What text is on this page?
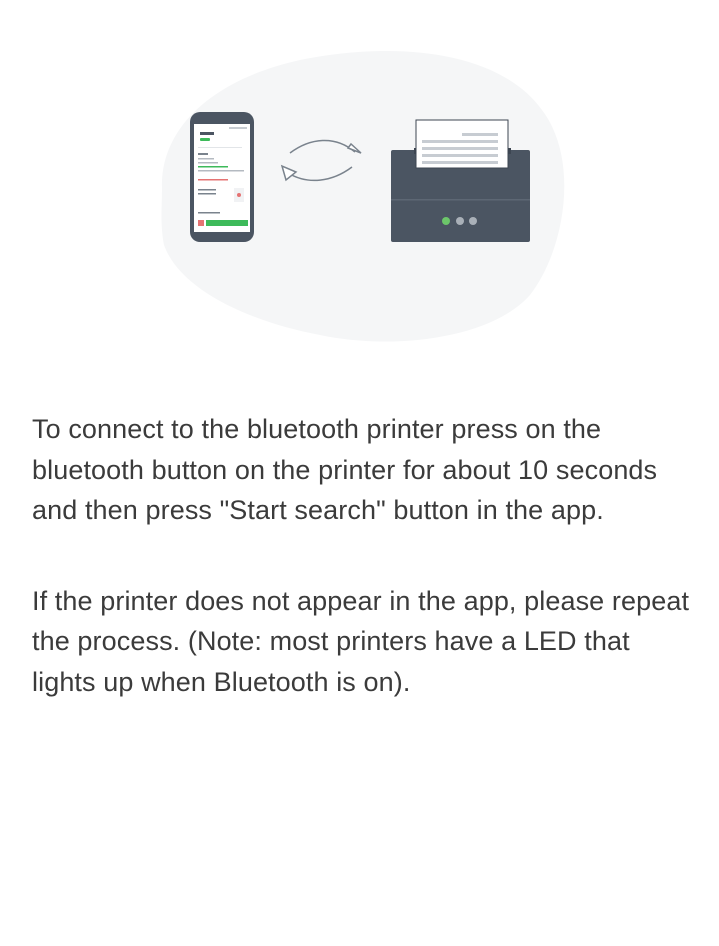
To connect to the bluetooth printer press on the bluetooth button on the printer for about 10 seconds and then press "Start search" button in the app.

If the printer does not appear in the app, please repeat the process. (Note: most printers have a LED that lights up when Bluetooth is on).
